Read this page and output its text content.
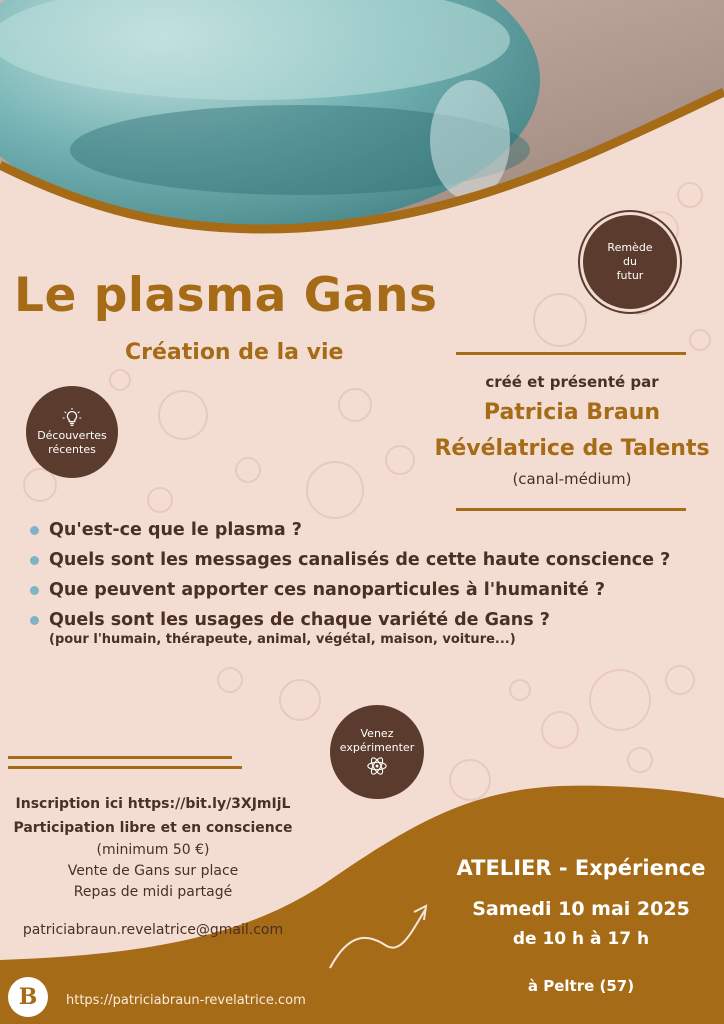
Le plasma Gans
Création de la vie
Remède
du
futur
Découvertes
récentes
Venez
expérimenter
créé et présenté par
Patricia Braun
Révélatrice de Talents
(canal-médium)
Qu'est-ce que le plasma ?
Quels sont les messages canalisés de cette haute conscience ?
Que peuvent apporter ces nanoparticules à l'humanité ?
Quels sont les usages de chaque variété de Gans ?
(pour l'humain, thérapeute, animal, végétal, maison, voiture...)
Inscription ici https://bit.ly/3XJmIjL
Participation libre et en conscience
(minimum 50 €)
Vente de Gans sur place
Repas de midi partagé
patriciabraun.revelatrice@gmail.com
ATELIER - Expérience
Samedi 10 mai 2025
de 10 h à 17 h
à Peltre (57)
B https://patriciabraun-revelatrice.com
